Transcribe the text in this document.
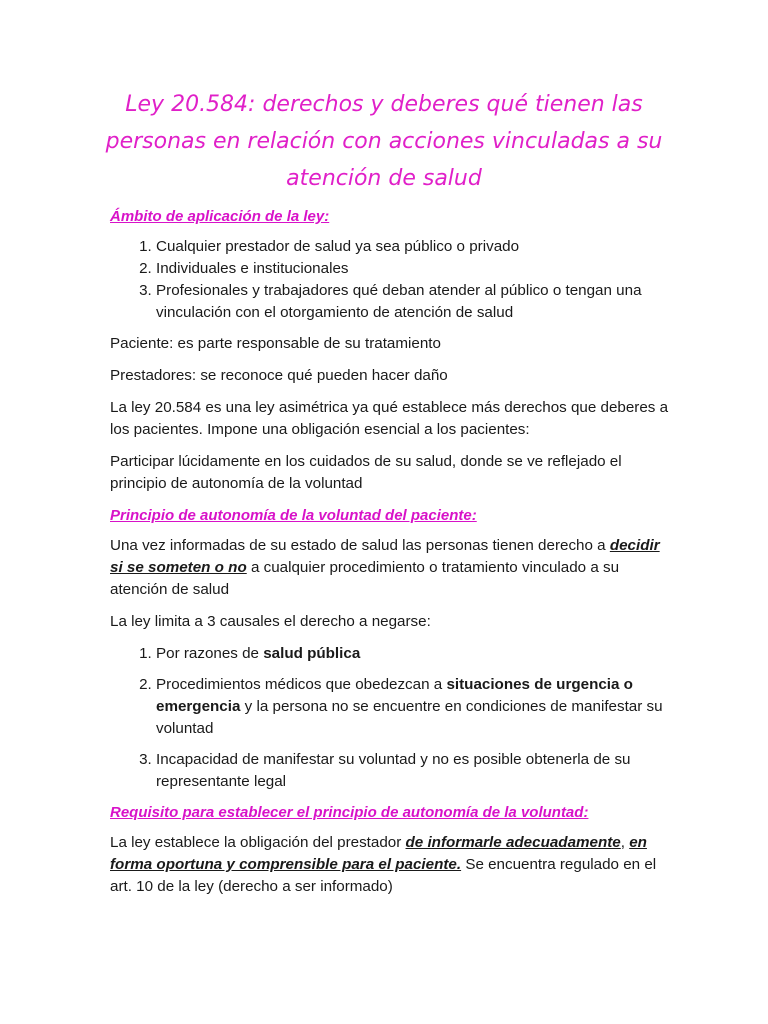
Ley 20.584: derechos y deberes qué tienen las personas en relación con acciones vinculadas a su atención de salud
Ámbito de aplicación de la ley:
1. Cualquier prestador de salud ya sea público o privado
2. Individuales e institucionales
3. Profesionales y trabajadores qué deban atender al público o tengan una vinculación con el otorgamiento de atención de salud

Paciente: es parte responsable de su tratamiento

Prestadores: se reconoce qué pueden hacer daño

La ley 20.584 es una ley asimétrica ya qué establece más derechos que deberes a los pacientes. Impone una obligación esencial a los pacientes:

Participar lúcidamente en los cuidados de su salud, donde se ve reflejado el principio de autonomía de la voluntad

Principio de autonomía de la voluntad del paciente:

Una vez informadas de su estado de salud las personas tienen derecho a decidir si se someten o no a cualquier procedimiento o tratamiento vinculado a su atención de salud

La ley limita a 3 causales el derecho a negarse:

1. Por razones de salud pública
2. Procedimientos médicos que obedezcan a situaciones de urgencia o emergencia y la persona no se encuentre en condiciones de manifestar su voluntad
3. Incapacidad de manifestar su voluntad y no es posible obtenerla de su representante legal
Requisito para establecer el principio de autonomía de la voluntad:

La ley establece la obligación del prestador de informarle adecuadamente, en forma oportuna y comprensible para el paciente. Se encuentra regulado en el art. 10 de la ley (derecho a ser informado)
